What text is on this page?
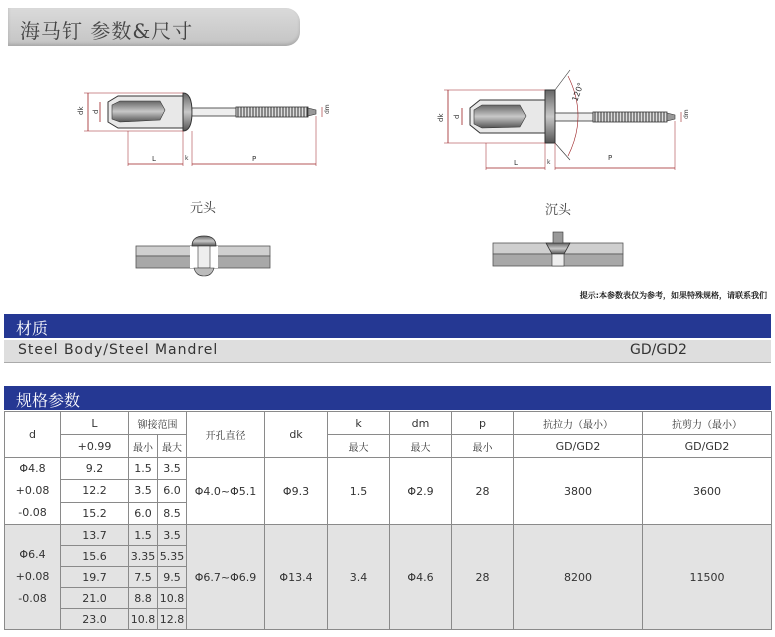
海马钉 参数&尺寸
dk d
L	k	P
dm
dk d
120°
L	k
P
dm
元头	沉头
提示:本参数表仅为参考，如果特殊规格，请联系我们
材质
Steel Body/Steel Mandrel	GD/GD2
规格参数
d	L	铆接范围		开孔直径	dk	k	dm	p	抗拉力（最小）	抗剪力（最小）
	+0.99	最小	最大			最大	最大	最小	GD/GD2	GD/GD2

Φ4.8
+0.08
-0.08	9.2	1.5	3.5	Φ4.0~Φ5.1	Φ9.3	1.5	Φ2.9	28	3800	3600
	12.2	3.5	6.0							
	15.2	6.0	8.5							

Φ6.4
+0.08
-0.08	13.7	1.5	3.5	Φ6.7~Φ6.9	Φ13.4	3.4	Φ4.6	28	8200	11500
	15.6	3.35	5.35							
	19.7	7.5	9.5							
	21.0	8.8	10.8							
	23.0	10.8	12.8							
